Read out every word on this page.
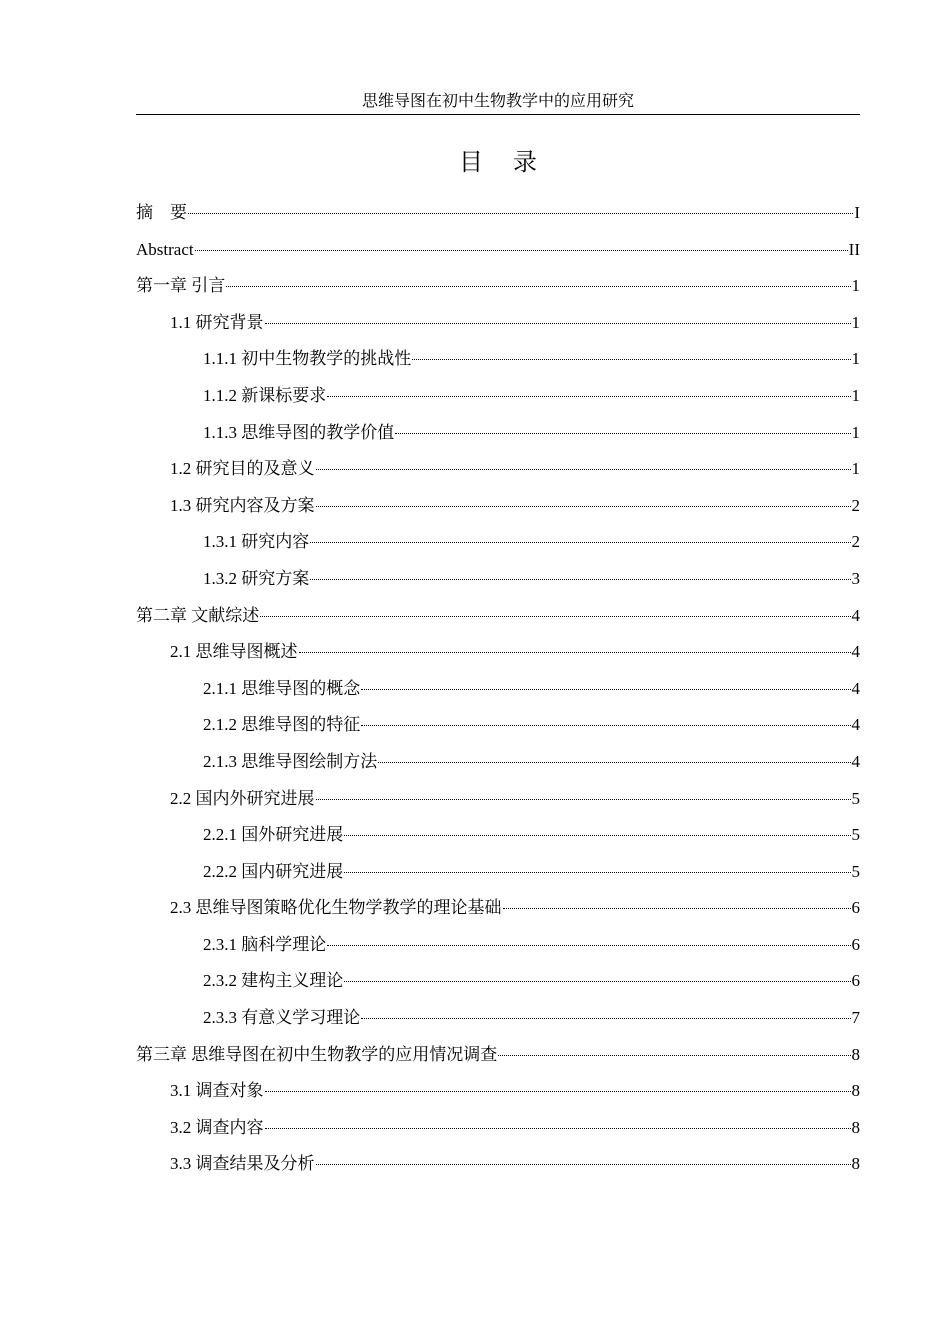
思维导图在初中生物教学中的应用研究
目 录
摘　要	I
Abstract	II
第一章 引言	1
1.1 研究背景	1
1.1.1 初中生物教学的挑战性	1
1.1.2 新课标要求	1
1.1.3 思维导图的教学价值	1
1.2 研究目的及意义	1
1.3 研究内容及方案	2
1.3.1 研究内容	2
1.3.2 研究方案	3
第二章 文献综述	4
2.1 思维导图概述	4
2.1.1 思维导图的概念	4
2.1.2 思维导图的特征	4
2.1.3 思维导图绘制方法	4
2.2 国内外研究进展	5
2.2.1 国外研究进展	5
2.2.2 国内研究进展	5
2.3 思维导图策略优化生物学教学的理论基础	6
2.3.1 脑科学理论	6
2.3.2 建构主义理论	6
2.3.3 有意义学习理论	7
第三章 思维导图在初中生物教学的应用情况调查	8
3.1 调查对象	8
3.2 调查内容	8
3.3 调查结果及分析	8
